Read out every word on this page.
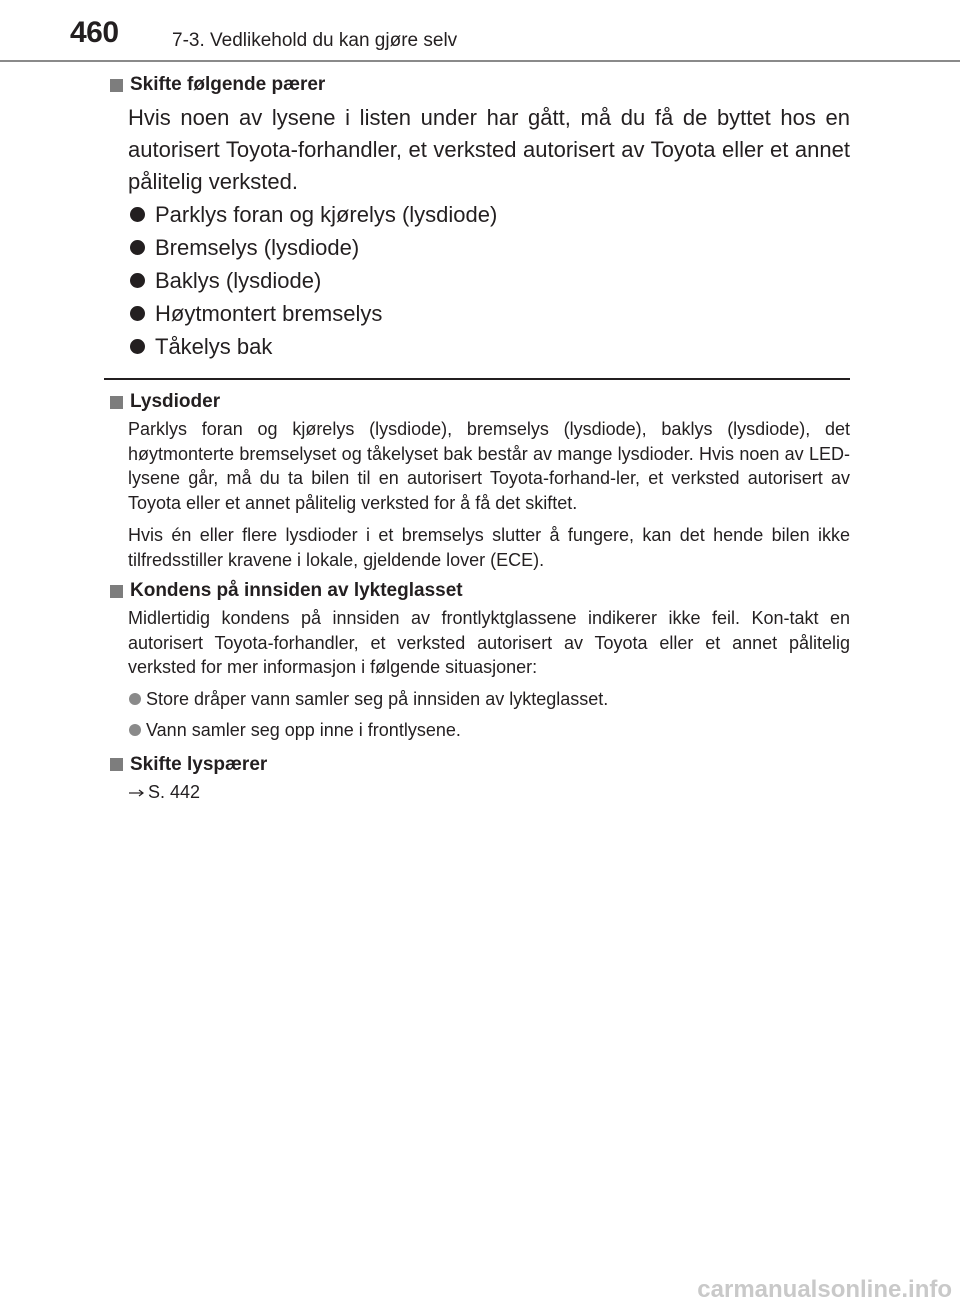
460	7-3. Vedlikehold du kan gjøre selv
Skifte følgende pærer

Hvis noen av lysene i listen under har gått, må du få de byttet hos en autorisert Toyota-forhandler, et verksted autorisert av Toyota eller et annet pålitelig verksted.

Parklys foran og kjørelys (lysdiode)
Bremselys (lysdiode)
Baklys (lysdiode)
Høytmontert bremselys
Tåkelys bak
Lysdioder

Parklys foran og kjørelys (lysdiode), bremselys (lysdiode), baklys (lysdiode), det høytmonterte bremselyset og tåkelyset bak består av mange lysdioder. Hvis noen av LED-lysene går, må du ta bilen til en autorisert Toyota-forhand-ler, et verksted autorisert av Toyota eller et annet pålitelig verksted for å få det skiftet.

Hvis én eller flere lysdioder i et bremselys slutter å fungere, kan det hende bilen ikke tilfredsstiller kravene i lokale, gjeldende lover (ECE).

Kondens på innsiden av lykteglasset

Midlertidig kondens på innsiden av frontlyktglassene indikerer ikke feil. Kon-takt en autorisert Toyota-forhandler, et verksted autorisert av Toyota eller et annet pålitelig verksted for mer informasjon i følgende situasjoner:

Store dråper vann samler seg på innsiden av lykteglasset.
Vann samler seg opp inne i frontlysene.
Skifte lyspærer
S. 442
carmanualsonline.info
